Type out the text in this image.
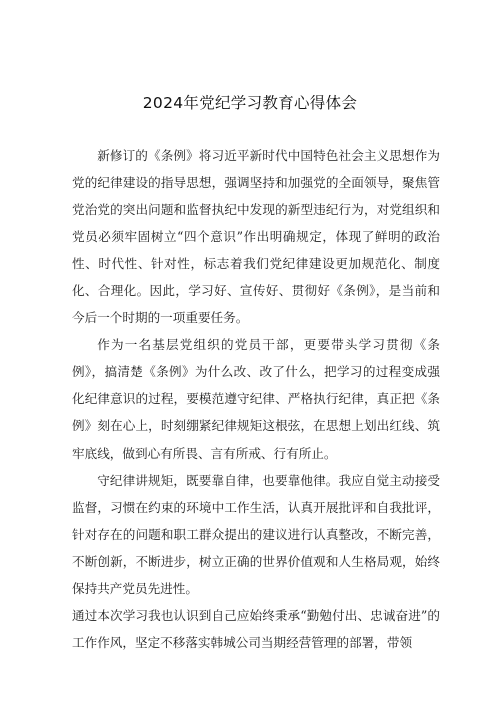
2024年党纪学习教育心得体会

新修订的《条例》将习近平新时代中国特色社会主义思想作为党的纪律建设的指导思想，强调坚持和加强党的全面领导，聚焦管党治党的突出问题和监督执纪中发现的新型违纪行为，对党组织和党员必须牢固树立“四个意识”作出明确规定，体现了鲜明的政治性、时代性、针对性，标志着我们党纪律建设更加规范化、制度化、合理化。因此，学习好、宣传好、贯彻好《条例》，是当前和今后一个时期的一项重要任务。

作为一名基层党组织的党员干部，更要带头学习贯彻《条例》，搞清楚《条例》为什么改、改了什么，把学习的过程变成强化纪律意识的过程，要模范遵守纪律、严格执行纪律，真正把《条例》刻在心上，时刻绷紧纪律规矩这根弦，在思想上划出红线、筑牢底线，做到心有所畏、言有所戒、行有所止。

守纪律讲规矩，既要靠自律，也要靠他律。我应自觉主动接受监督，习惯在约束的环境中工作生活，认真开展批评和自我批评，针对存在的问题和职工群众提出的建议进行认真整改，不断完善，不断创新，不断进步，树立正确的世界价值观和人生格局观，始终保持共产党员先进性。

通过本次学习我也认识到自己应始终秉承“勤勉付出、忠诚奋进”的工作作风，坚定不移落实韩城公司当期经营管理的部署，带领
